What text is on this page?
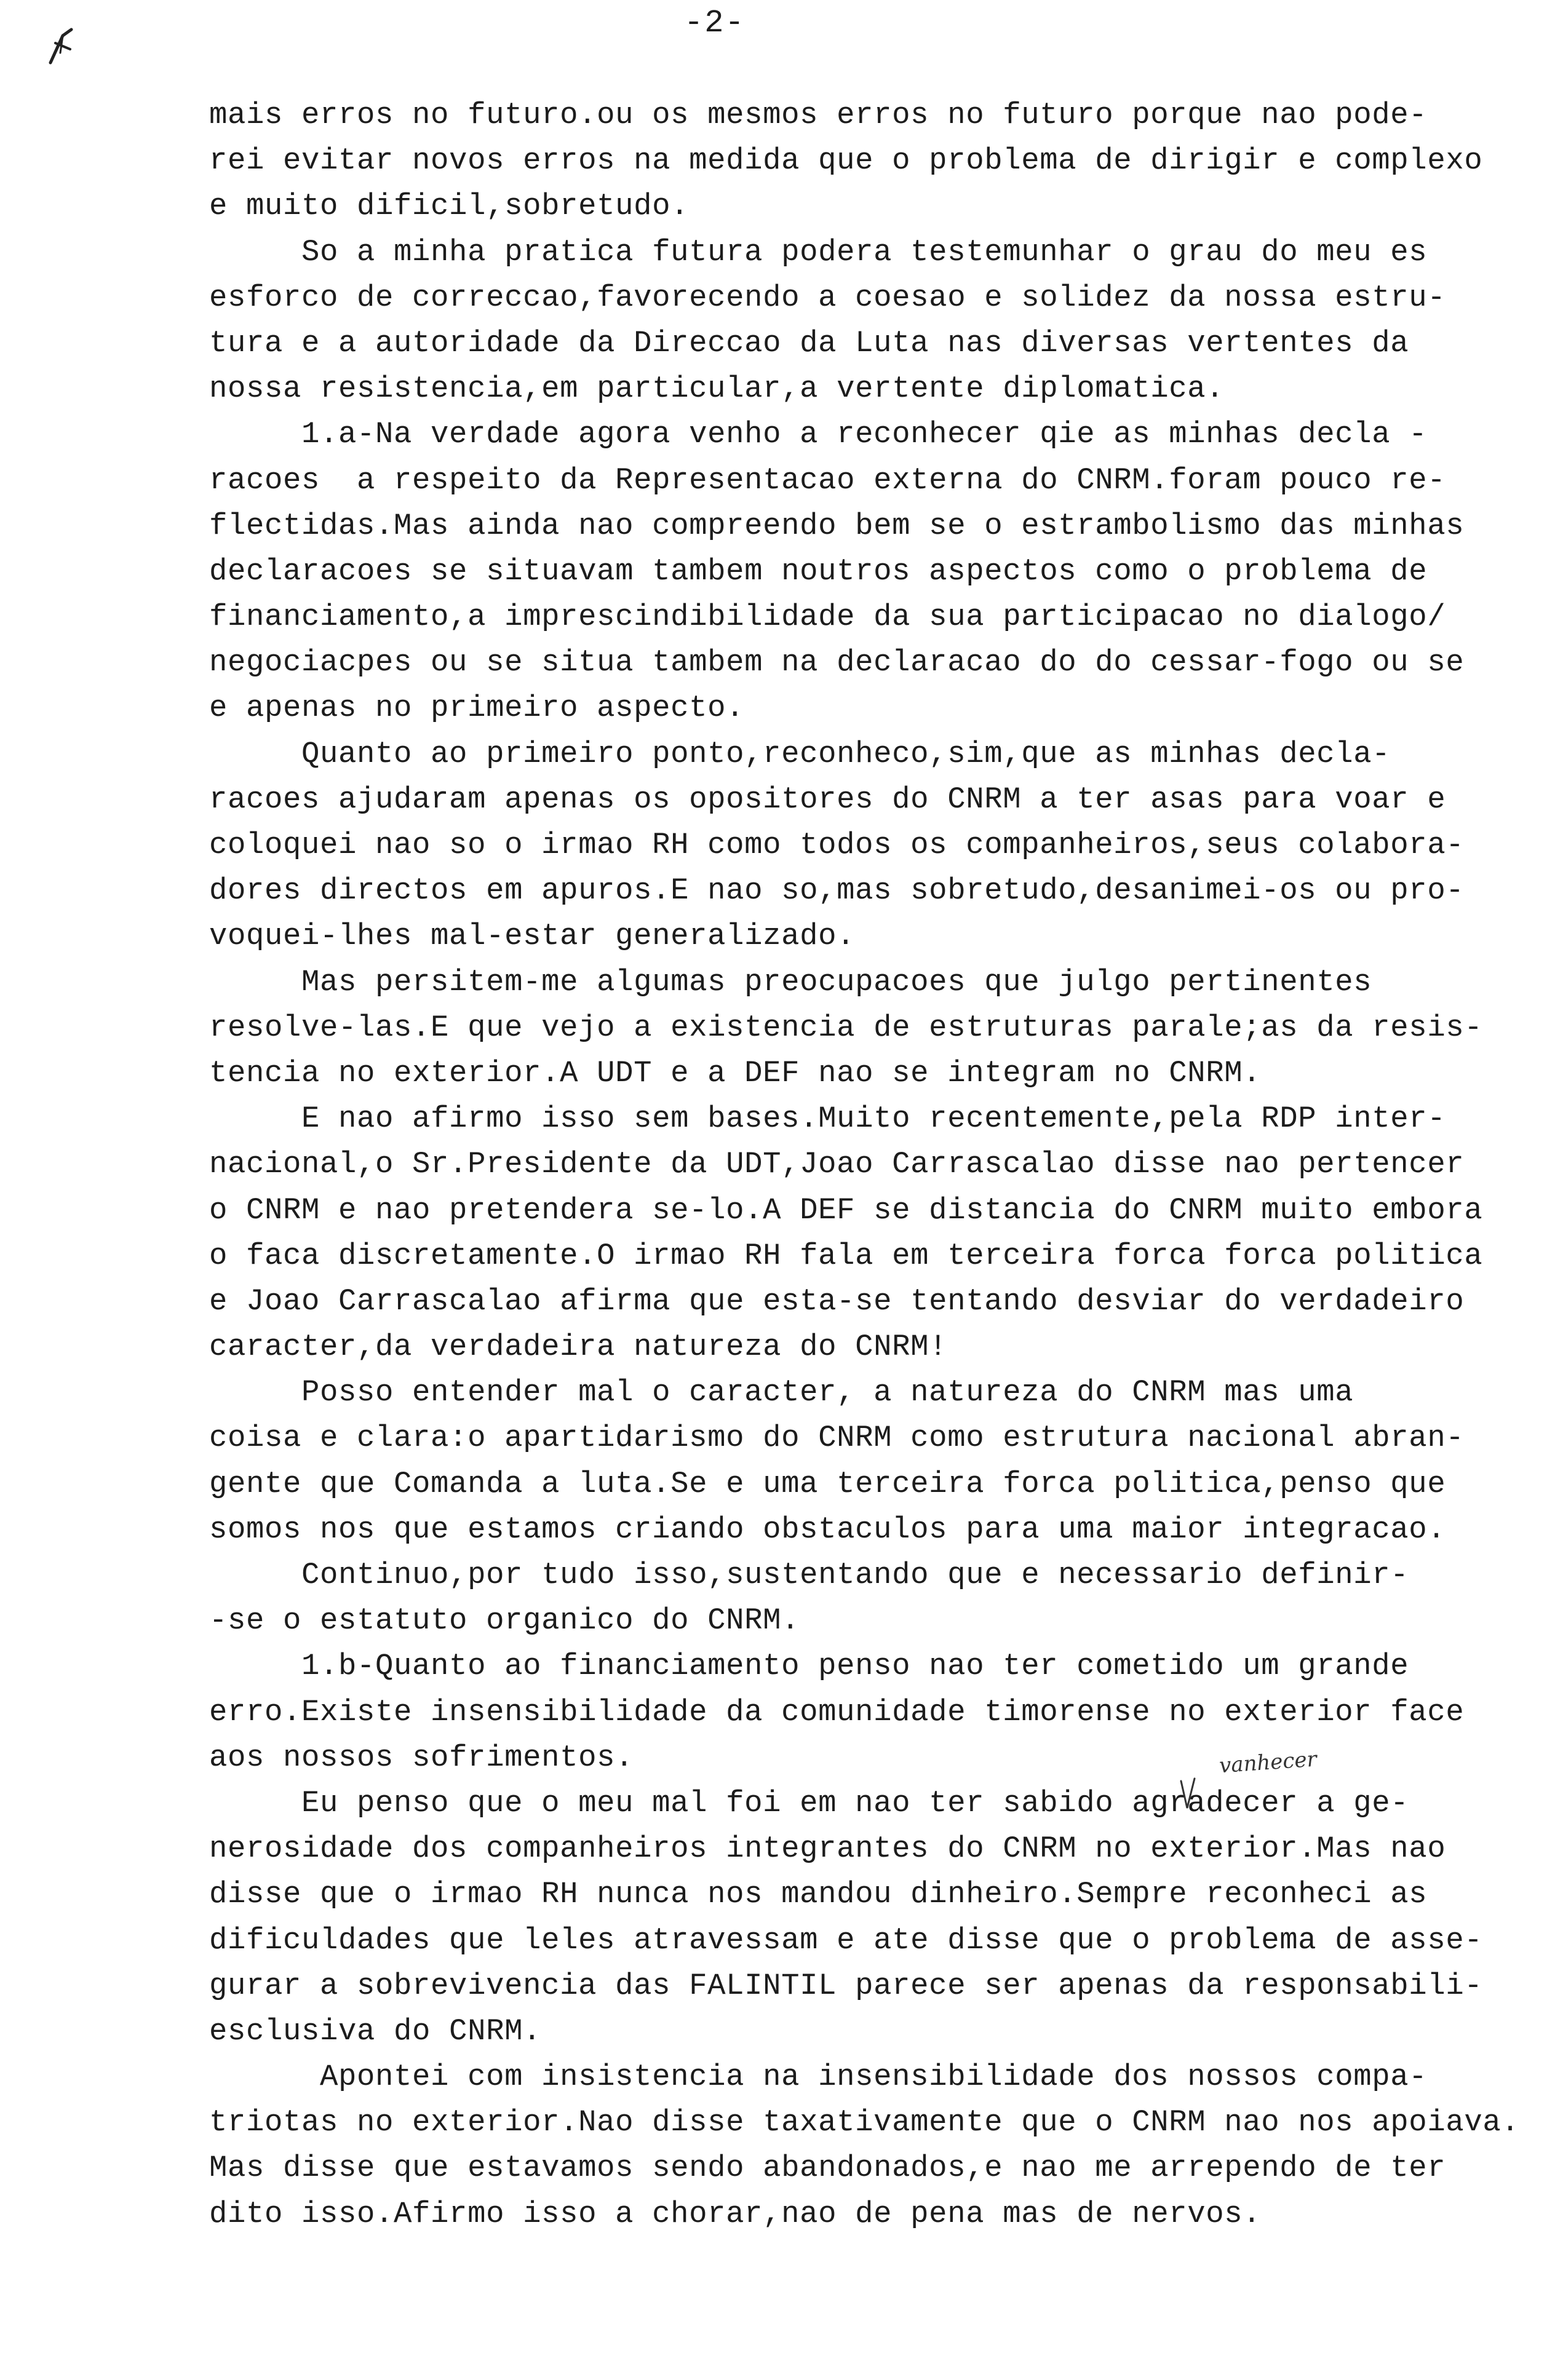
-2-
mais erros no futuro.ou os mesmos erros no futuro porque nao pode-
rei evitar novos erros na medida que o problema de dirigir e complexo
e muito dificil,sobretudo.
So a minha pratica futura podera testemunhar o grau do meu es
esforco de correccao,favorecendo a coesao e solidez da nossa estru-
tura e a autoridade da Direccao da Luta nas diversas vertentes da
nossa resistencia,em particular,a vertente diplomatica.
1.a-Na verdade agora venho a reconhecer qie as minhas decla -
racoes  a respeito da Representacao externa do CNRM.foram pouco re-
flectidas.Mas ainda nao compreendo bem se o estrambolismo das minhas
declaracoes se situavam tambem noutros aspectos como o problema de
financiamento,a imprescindibilidade da sua participacao no dialogo/
negociacpes ou se situa tambem na declaracao do do cessar-fogo ou se
e apenas no primeiro aspecto.
Quanto ao primeiro ponto,reconheco,sim,que as minhas decla-
racoes ajudaram apenas os opositores do CNRM a ter asas para voar e
coloquei nao so o irmao RH como todos os companheiros,seus colabora-
dores directos em apuros.E nao so,mas sobretudo,desanimei-os ou pro-
voquei-lhes mal-estar generalizado.
Mas persitem-me algumas preocupacoes que julgo pertinentes
resolve-las.E que vejo a existencia de estruturas parale;as da resis-
tencia no exterior.A UDT e a DEF nao se integram no CNRM.
E nao afirmo isso sem bases.Muito recentemente,pela RDP inter-
nacional,o Sr.Presidente da UDT,Joao Carrascalao disse nao pertencer
o CNRM e nao pretendera se-lo.A DEF se distancia do CNRM muito embora
o faca discretamente.O irmao RH fala em terceira forca forca politica
e Joao Carrascalao afirma que esta-se tentando desviar do verdadeiro
caracter,da verdadeira natureza do CNRM!
Posso entender mal o caracter, a natureza do CNRM mas uma
coisa e clara:o apartidarismo do CNRM como estrutura nacional abran-
gente que Comanda a luta.Se e uma terceira forca politica,penso que
somos nos que estamos criando obstaculos para uma maior integracao.
Continuo,por tudo isso,sustentando que e necessario definir-
-se o estatuto organico do CNRM.
1.b-Quanto ao financiamento penso nao ter cometido um grande
erro.Existe insensibilidade da comunidade timorense no exterior face
aos nossos sofrimentos.
Eu penso que o meu mal foi em nao ter sabido agradecer a ge-
nerosidade dos companheiros integrantes do CNRM no exterior.Mas nao
disse que o irmao RH nunca nos mandou dinheiro.Sempre reconheci as
dificuldades que leles atravessam e ate disse que o problema de asse-
gurar a sobrevivencia das FALINTIL parece ser apenas da responsabili-
esclusiva do CNRM.
Apontei com insistencia na insensibilidade dos nossos compa-
triotas no exterior.Nao disse taxativamente que o CNRM nao nos apoiava.
Mas disse que estavamos sendo abandonados,e nao me arrependo de ter
dito isso.Afirmo isso a chorar,nao de pena mas de nervos.
vanhecer
